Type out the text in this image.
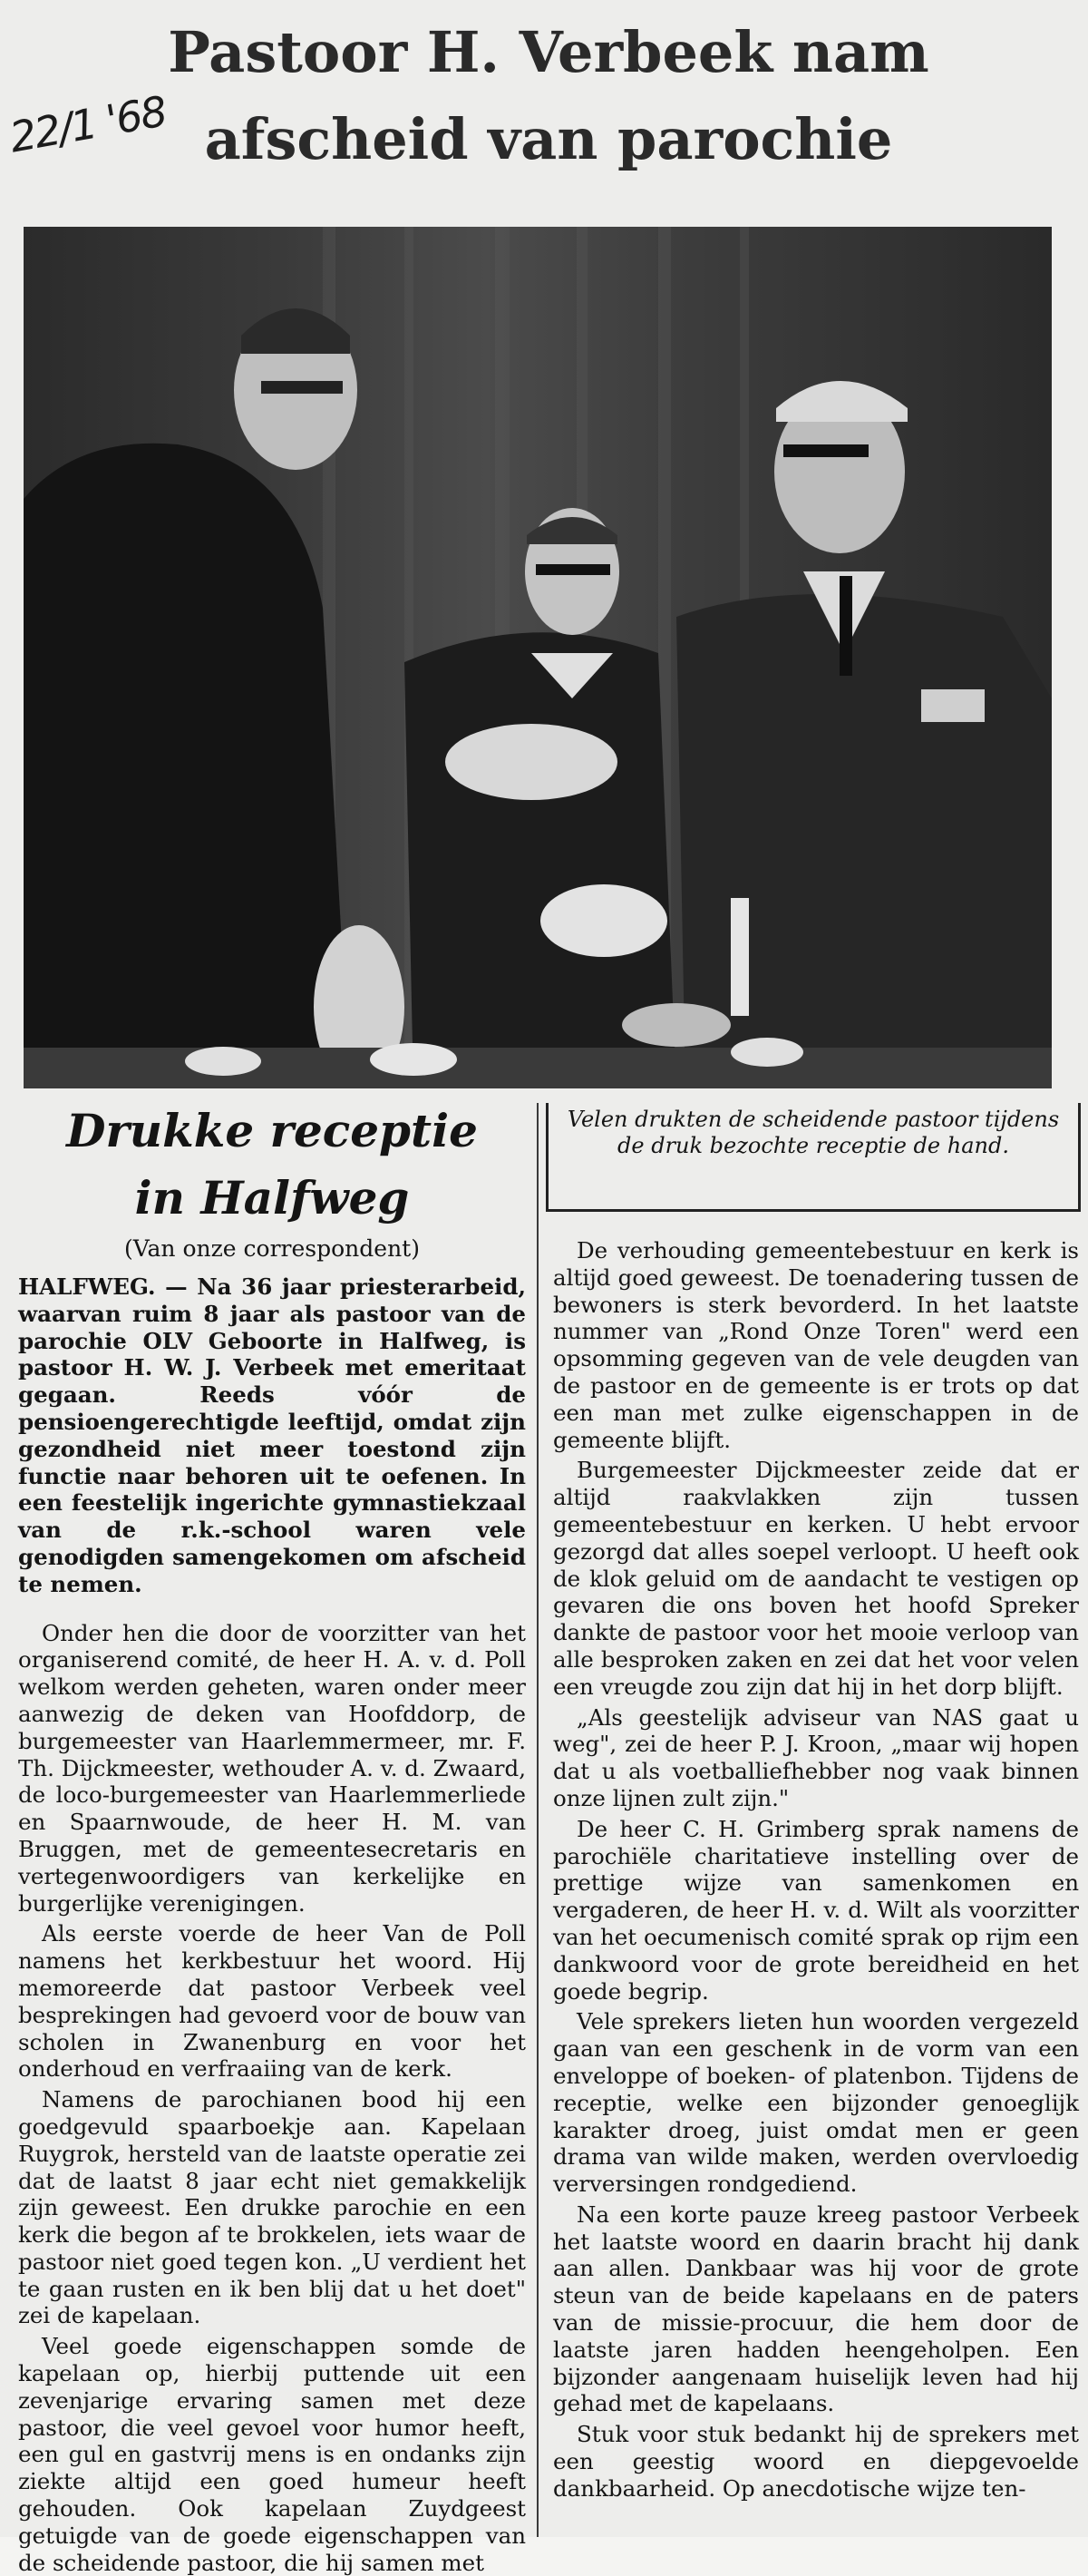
Pastoor H. Verbeek nam
afscheid van parochie
22/1 '68
Velen drukten de scheidende pastoor tijdens de druk bezochte receptie de hand.
Drukke receptie
in Halfweg
(Van onze correspondent)

HALFWEG. — Na 36 jaar priesterarbeid, waarvan ruim 8 jaar als pastoor van de parochie OLV Geboorte in Halfweg, is pastoor H. W. J. Verbeek met emeritaat gegaan. Reeds vóór de pensioengerechtigde leeftijd, omdat zijn gezondheid niet meer toestond zijn functie naar behoren uit te oefenen. In een feestelijk ingerichte gymnastiekzaal van de r.k.-school waren vele genodigden samengekomen om afscheid te nemen.

Onder hen die door de voorzitter van het organiserend comité, de heer H. A. v. d. Poll welkom werden geheten, waren onder meer aanwezig de deken van Hoofddorp, de burgemeester van Haarlemmermeer, mr. F. Th. Dijckmeester, wethouder A. v. d. Zwaard, de loco-burgemeester van Haarlemmerliede en Spaarnwoude, de heer H. M. van Bruggen, met de gemeentesecretaris en vertegenwoordigers van kerkelijke en burgerlijke verenigingen.

Als eerste voerde de heer Van de Poll namens het kerkbestuur het woord. Hij memoreerde dat pastoor Verbeek veel besprekingen had gevoerd voor de bouw van scholen in Zwanenburg en voor het onderhoud en verfraaiing van de kerk.

Namens de parochianen bood hij een goedgevuld spaarboekje aan. Kapelaan Ruygrok, hersteld van de laatste operatie zei dat de laatst 8 jaar echt niet gemakkelijk zijn geweest. Een drukke parochie en een kerk die begon af te brokkelen, iets waar de pastoor niet goed tegen kon. „U verdient het te gaan rusten en ik ben blij dat u het doet" zei de kapelaan.

Veel goede eigenschappen somde de kapelaan op, hierbij puttende uit een zevenjarige ervaring samen met deze pastoor, die veel gevoel voor humor heeft, een gul en gastvrij mens is en ondanks zijn ziekte altijd een goed humeur heeft gehouden. Ook kapelaan Zuydgeest getuigde van de goede eigenschappen van de scheidende pastoor, die hij samen met

De verhouding gemeentebestuur en kerk is altijd goed geweest. De toenadering tussen de bewoners is sterk bevorderd. In het laatste nummer van „Rond Onze Toren" werd een opsomming gegeven van de vele deugden van de pastoor en de gemeente is er trots op dat een man met zulke eigenschappen in de gemeente blijft.

Burgemeester Dijckmeester zeide dat er altijd raakvlakken zijn tussen gemeentebestuur en kerken. U hebt ervoor gezorgd dat alles soepel verloopt. U heeft ook de klok geluid om de aandacht te vestigen op gevaren die ons boven het hoofd Spreker dankte de pastoor voor het mooie verloop van alle besproken zaken en zei dat het voor velen een vreugde zou zijn dat hij in het dorp blijft.

„Als geestelijk adviseur van NAS gaat u weg", zei de heer P. J. Kroon, „maar wij hopen dat u als voetballiefhebber nog vaak binnen onze lijnen zult zijn."

De heer C. H. Grimberg sprak namens de parochiële charitatieve instelling over de prettige wijze van samenkomen en vergaderen, de heer H. v. d. Wilt als voorzitter van het oecumenisch comité sprak op rijm een dankwoord voor de grote bereidheid en het goede begrip.

Vele sprekers lieten hun woorden vergezeld gaan van een geschenk in de vorm van een enveloppe of boeken- of platenbon. Tijdens de receptie, welke een bijzonder genoeglijk karakter droeg, juist omdat men er geen drama van wilde maken, werden overvloedig verversingen rondgediend.

Na een korte pauze kreeg pastoor Verbeek het laatste woord en daarin bracht hij dank aan allen. Dankbaar was hij voor de grote steun van de beide kapelaans en de paters van de missie-procuur, die hem door de laatste jaren hadden heengeholpen. Een bijzonder aangenaam huiselijk leven had hij gehad met de kapelaans.

Stuk voor stuk bedankt hij de sprekers met een geestig woord en diepgevoelde dankbaarheid. Op anecdotische wijze ten-
